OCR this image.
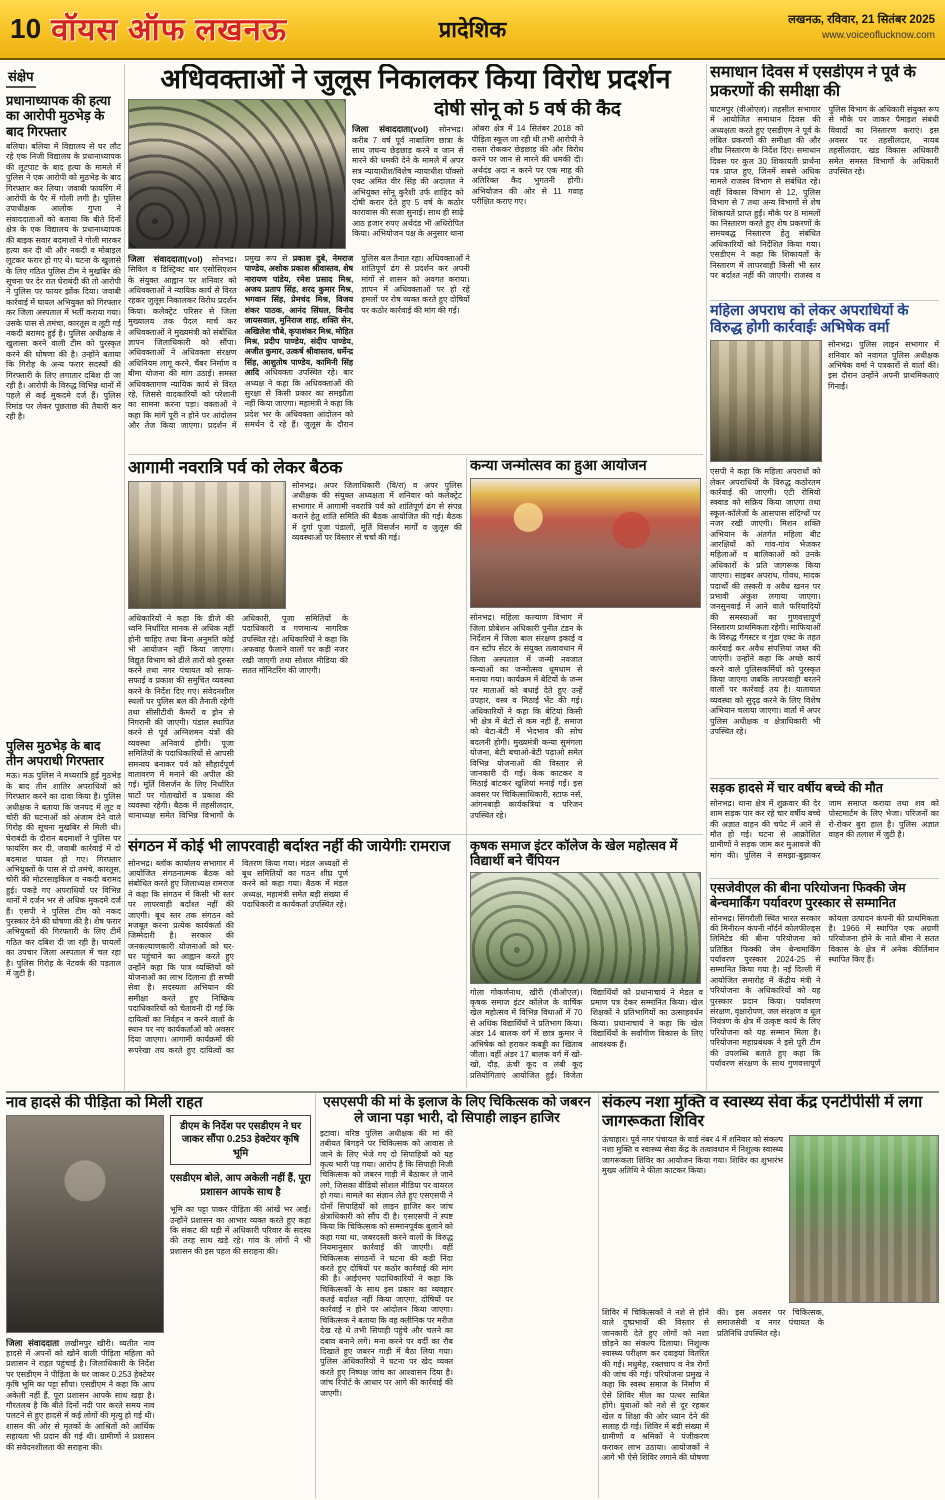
10 वॉयस ऑफ लखनऊ	प्रादेशिक	लखनऊ, रविवार, 21 सितंबर 2025
www.voiceoflucknow.com
संक्षेप
प्रधानाध्यापक की हत्या का आरोपी मुठभेड़ के बाद गिरफ्तार
बलिया। बलिया में विद्यालय से घर लौट रहे एक निजी विद्यालय के प्रधानाध्यापक की लूटपाट के बाद हत्या के मामले में पुलिस ने एक आरोपी को मुठभेड़ के बाद गिरफ्तार कर लिया। जवाबी फायरिंग में आरोपी के पैर में गोली लगी है। पुलिस उपाधीक्षक आलोक गुप्ता ने संवाददाताओं को बताया कि बीते दिनों क्षेत्र के एक विद्यालय के प्रधानाध्यापक की बाइक सवार बदमाशों ने गोली मारकर हत्या कर दी थी और नकदी व मोबाइल लूटकर फरार हो गए थे। घटना के खुलासे के लिए गठित पुलिस टीम ने मुखबिर की सूचना पर देर रात घेराबंदी की तो आरोपी ने पुलिस पर फायर झोंक दिया। जवाबी कार्रवाई में घायल अभियुक्त को गिरफ्तार कर जिला अस्पताल में भर्ती कराया गया। उसके पास से तमंचा, कारतूस व लूटी गई नकदी बरामद हुई है। पुलिस अधीक्षक ने खुलासा करने वाली टीम को पुरस्कृत करने की घोषणा की है। उन्होंने बताया कि गिरोह के अन्य फरार सदस्यों की गिरफ्तारी के लिए लगातार दबिश दी जा रही है। आरोपी के विरुद्ध विभिन्न थानों में पहले से कई मुकदमे दर्ज हैं। पुलिस रिमांड पर लेकर पूछताछ की तैयारी कर रही है।
पुलिस मुठभेड़ के बाद तीन अपराधी गिरफ्तार
मऊ। मऊ पुलिस ने मध्यरात्रि हुई मुठभेड़ के बाद तीन शातिर अपराधियों को गिरफ्तार करने का दावा किया है। पुलिस अधीक्षक ने बताया कि जनपद में लूट व चोरी की घटनाओं को अंजाम देने वाले गिरोह की सूचना मुखबिर से मिली थी। घेराबंदी के दौरान बदमाशों ने पुलिस पर फायरिंग कर दी, जवाबी कार्रवाई में दो बदमाश घायल हो गए। गिरफ्तार अभियुक्तों के पास से दो तमंचे, कारतूस, चोरी की मोटरसाइकिल व नकदी बरामद हुई। पकड़े गए अपराधियों पर विभिन्न थानों में दर्जन भर से अधिक मुकदमे दर्ज हैं। एसपी ने पुलिस टीम को नकद पुरस्कार देने की घोषणा की है। शेष फरार अभियुक्तों की गिरफ्तारी के लिए टीमें गठित कर दबिश दी जा रही है। घायलों का उपचार जिला अस्पताल में चल रहा है। पुलिस गिरोह के नेटवर्क की पड़ताल में जुटी है।
अधिवक्ताओं ने जुलूस निकालकर किया विरोध प्रदर्शन
दोषी सोनू को 5 वर्ष की कैद
जिला संवाददाता(vol) सोनभद्र। करीब 7 वर्ष पूर्व नाबालिग छात्रा के साथ जघन्य छेड़छाड़ करने व जान से मारने की धमकी देने के मामले में अपर सत्र न्यायाधीश/विशेष न्यायाधीश पॉक्सो एक्ट अमित वीर सिंह की अदालत ने अभियुक्त सोनू कुरैशी उर्फ शाहिद को दोषी करार देते हुए 5 वर्ष के कठोर कारावास की सजा सुनाई। साथ ही साढ़े आठ हजार रुपए अर्थदंड भी अधिरोपित किया। अभियोजन पक्ष के अनुसार थाना ओबरा क्षेत्र में 14 सितंबर 2018 को पीड़िता स्कूल जा रही थी तभी आरोपी ने रास्ता रोककर छेड़छाड़ की और विरोध करने पर जान से मारने की धमकी दी। अर्थदंड अदा न करने पर एक माह की अतिरिक्त कैद भुगतनी होगी। अभियोजन की ओर से 11 गवाह परीक्षित कराए गए।
जिला संवाददाता(vol) सोनभद्र। सिविल व डिस्ट्रिक्ट बार एसोसिएशन के संयुक्त आह्वान पर शनिवार को अधिवक्ताओं ने न्यायिक कार्य से विरत रहकर जुलूस निकालकर विरोध प्रदर्शन किया। कलेक्ट्रेट परिसर से जिला मुख्यालय तक पैदल मार्च कर अधिवक्ताओं ने मुख्यमंत्री को संबोधित ज्ञापन जिलाधिकारी को सौंपा। अधिवक्ताओं ने अधिवक्ता संरक्षण अधिनियम लागू करने, चैंबर निर्माण व बीमा योजना की मांग उठाई। समस्त अधिवक्तागण न्यायिक कार्य से विरत रहे, जिससे वादकारियों को परेशानी का सामना करना पड़ा। वक्ताओं ने कहा कि मांगें पूरी न होने पर आंदोलन और तेज किया जाएगा। प्रदर्शन में प्रमुख रूप से प्रकाश दुबे, नेमराज पाण्डेय, अशोक प्रकाश श्रीवास्तव, शेष नारायण पांडेय, रमेश प्रसाद मिश्र, अजय प्रताप सिंह, शरद कुमार मिश्र, भगवान सिंह, प्रेमचंद मिश्र, विजय शंकर पाठक, आनंद सिंघल, विनोद जायसवाल, मुनिराज शाह, शक्ति सेन, अखिलेश चौबे, कृपाशंकर मिश्र, मोहित मिश्र, प्रदीप पाण्डेय, संदीप पाण्डेय, अजीत कुमार, उत्कर्ष श्रीवास्तव, धर्मेन्द्र सिंह, आशुतोष पाण्डेय, कामिनी सिंह आदि अधिवक्ता उपस्थित रहे। बार अध्यक्ष ने कहा कि अधिवक्ताओं की सुरक्षा से किसी प्रकार का समझौता नहीं किया जाएगा। महामंत्री ने कहा कि प्रदेश भर के अधिवक्ता आंदोलन को समर्थन दे रहे हैं। जुलूस के दौरान पुलिस बल तैनात रहा। अधिवक्ताओं ने शांतिपूर्ण ढंग से प्रदर्शन कर अपनी मांगों से शासन को अवगत कराया। ज्ञापन में अधिवक्ताओं पर हो रहे हमलों पर रोष व्यक्त करते हुए दोषियों पर कठोर कार्रवाई की मांग की गई।
आगामी नवरात्रि पर्व को लेकर बैठक
सोनभद्र। अपर जिलाधिकारी (वि/रा) व अपर पुलिस अधीक्षक की संयुक्त अध्यक्षता में शनिवार को कलेक्ट्रेट सभागार में आगामी नवरात्रि पर्व को शांतिपूर्ण ढंग से संपन्न कराने हेतु शांति समिति की बैठक आयोजित की गई। बैठक में दुर्गा पूजा पंडालों, मूर्ति विसर्जन मार्गों व जुलूस की व्यवस्थाओं पर विस्तार से चर्चा की गई।
अधिकारियों ने कहा कि डीजे की ध्वनि निर्धारित मानक से अधिक नहीं होनी चाहिए तथा बिना अनुमति कोई भी आयोजन नहीं किया जाएगा। विद्युत विभाग को ढीले तारों को दुरुस्त करने तथा नगर पंचायत को साफ-सफाई व प्रकाश की समुचित व्यवस्था करने के निर्देश दिए गए। संवेदनशील स्थलों पर पुलिस बल की तैनाती रहेगी तथा सीसीटीवी कैमरों व ड्रोन से निगरानी की जाएगी। पंडाल स्थापित करने से पूर्व अग्निशमन यंत्रों की व्यवस्था अनिवार्य होगी। पूजा समितियों के पदाधिकारियों से आपसी समन्वय बनाकर पर्व को सौहार्दपूर्ण वातावरण में मनाने की अपील की गई। मूर्ति विसर्जन के लिए निर्धारित घाटों पर गोताखोरों व प्रकाश की व्यवस्था रहेगी। बैठक में तहसीलदार, थानाध्यक्ष समेत विभिन्न विभागों के अधिकारी, पूजा समितियों के पदाधिकारी व गणमान्य नागरिक उपस्थित रहे। अधिकारियों ने कहा कि अफवाह फैलाने वालों पर कड़ी नजर रखी जाएगी तथा सोशल मीडिया की सतत मॉनिटरिंग की जाएगी।
कन्या जन्मोत्सव का हुआ आयोजन
सोनभद्र। महिला कल्याण विभाग में जिला प्रोबेशन अधिकारी पुनीत टंडन के निर्देशन में जिला बाल संरक्षण इकाई व वन स्टॉप सेंटर के संयुक्त तत्वावधान में जिला अस्पताल में जन्मी नवजात कन्याओं का जन्मोत्सव धूमधाम से मनाया गया। कार्यक्रम में बेटियों के जन्म पर माताओं को बधाई देते हुए उन्हें उपहार, वस्त्र व मिठाई भेंट की गई। अधिकारियों ने कहा कि बेटियां किसी भी क्षेत्र में बेटों से कम नहीं हैं, समाज को बेटा-बेटी में भेदभाव की सोच बदलनी होगी। मुख्यमंत्री कन्या सुमंगला योजना, बेटी बचाओ-बेटी पढ़ाओ समेत विभिन्न योजनाओं की विस्तार से जानकारी दी गई। केक काटकर व मिठाई बांटकर खुशियां मनाई गईं। इस अवसर पर चिकित्साधिकारी, स्टाफ नर्स, आंगनबाड़ी कार्यकत्रियां व परिजन उपस्थित रहे।
संगठन में कोई भी लापरवाही बर्दाश्त नहीं की जायेगीः रामराज
सोनभद्र। ब्लॉक कार्यालय सभागार में आयोजित संगठनात्मक बैठक को संबोधित करते हुए जिलाध्यक्ष रामराज ने कहा कि संगठन में किसी भी स्तर पर लापरवाही बर्दाश्त नहीं की जाएगी। बूथ स्तर तक संगठन को मजबूत करना प्रत्येक कार्यकर्ता की जिम्मेदारी है। सरकार की जनकल्याणकारी योजनाओं को घर-घर पहुंचाने का आह्वान करते हुए उन्होंने कहा कि पात्र व्यक्तियों को योजनाओं का लाभ दिलाना ही सच्ची सेवा है। सदस्यता अभियान की समीक्षा करते हुए निष्क्रिय पदाधिकारियों को चेतावनी दी गई कि दायित्वों का निर्वहन न करने वालों के स्थान पर नए कार्यकर्ताओं को अवसर दिया जाएगा। आगामी कार्यक्रमों की रूपरेखा तय करते हुए दायित्वों का वितरण किया गया। मंडल अध्यक्षों से बूथ समितियों का गठन शीघ्र पूर्ण करने को कहा गया। बैठक में मंडल अध्यक्ष, महामंत्री समेत बड़ी संख्या में पदाधिकारी व कार्यकर्ता उपस्थित रहे।
कृषक समाज इंटर कॉलेज के खेल महोत्सव में विद्यार्थी बने चैंपियन
गोला गोकर्णनाथ, खीरी (वीओएल)। कृषक समाज इंटर कॉलेज के वार्षिक खेल महोत्सव में विभिन्न विधाओं में 70 से अधिक विद्यार्थियों ने प्रतिभाग किया। अंडर 14 बालक वर्ग में छात्र कुमार ने अभिषेक को हराकर कबड्डी का खिताब जीता। वहीं अंडर 17 बालक वर्ग में खो-खो, दौड़, ऊंची कूद व लंबी कूद प्रतियोगिताएं आयोजित हुईं। विजेता विद्यार्थियों को प्रधानाचार्य ने मेडल व प्रमाण पत्र देकर सम्मानित किया। खेल शिक्षकों ने प्रतिभागियों का उत्साहवर्धन किया। प्रधानाचार्य ने कहा कि खेल विद्यार्थियों के सर्वांगीण विकास के लिए आवश्यक हैं।
समाधान दिवस में एसडीएम ने पूर्व के प्रकरणों की समीक्षा की
घाटमपुर (वीओएल)। तहसील सभागार में आयोजित समाधान दिवस की अध्यक्षता करते हुए एसडीएम ने पूर्व के लंबित प्रकरणों की समीक्षा की और शीघ्र निस्तारण के निर्देश दिए। समाधान दिवस पर कुल 30 शिकायती प्रार्थना पत्र प्राप्त हुए, जिनमें सबसे अधिक मामले राजस्व विभाग से संबंधित रहे। वहीं विकास विभाग से 12, पुलिस विभाग से 7 तथा अन्य विभागों से शेष शिकायतें प्राप्त हुईं। मौके पर 8 मामलों का निस्तारण करते हुए शेष प्रकरणों के समयबद्ध निस्तारण हेतु संबंधित अधिकारियों को निर्देशित किया गया। एसडीएम ने कहा कि शिकायतों के निस्तारण में लापरवाही किसी भी स्तर पर बर्दाश्त नहीं की जाएगी। राजस्व व पुलिस विभाग के अधिकारी संयुक्त रूप से मौके पर जाकर पैमाइश संबंधी विवादों का निस्तारण कराएं। इस अवसर पर तहसीलदार, नायब तहसीलदार, खंड विकास अधिकारी समेत समस्त विभागों के अधिकारी उपस्थित रहे।
महिला अपराध को लेकर अपराधियों के विरुद्ध होगी कार्रवाईः अभिषेक वर्मा
सोनभद्र। पुलिस लाइन सभागार में शनिवार को नवागत पुलिस अधीक्षक अभिषेक वर्मा ने पत्रकारों से वार्ता की। इस दौरान उन्होंने अपनी प्राथमिकताएं गिनाईं।
एसपी ने कहा कि महिला अपराधों को लेकर अपराधियों के विरुद्ध कठोरतम कार्रवाई की जाएगी। एंटी रोमियो स्क्वाड को सक्रिय किया जाएगा तथा स्कूल-कॉलेजों के आसपास संदिग्धों पर नजर रखी जाएगी। मिशन शक्ति अभियान के अंतर्गत महिला बीट आरक्षियों को गांव-गांव भेजकर महिलाओं व बालिकाओं को उनके अधिकारों के प्रति जागरूक किया जाएगा। साइबर अपराध, गोवध, मादक पदार्थों की तस्करी व अवैध खनन पर प्रभावी अंकुश लगाया जाएगा। जनसुनवाई में आने वाले फरियादियों की समस्याओं का गुणवत्तापूर्ण निस्तारण प्राथमिकता रहेगी। माफियाओं के विरुद्ध गैंगस्टर व गुंडा एक्ट के तहत कार्रवाई कर अवैध संपत्तियां जब्त की जाएंगी। उन्होंने कहा कि अच्छे कार्य करने वाले पुलिसकर्मियों को पुरस्कृत किया जाएगा जबकि लापरवाही बरतने वालों पर कार्रवाई तय है। यातायात व्यवस्था को सुदृढ़ करने के लिए विशेष अभियान चलाया जाएगा। वार्ता में अपर पुलिस अधीक्षक व क्षेत्राधिकारी भी उपस्थित रहे।
सड़क हादसे में चार वर्षीय बच्चे की मौत
सोनभद्र। थाना क्षेत्र में शुक्रवार की देर शाम सड़क पार कर रहे चार वर्षीय बच्चे की अज्ञात वाहन की चपेट में आने से मौत हो गई। घटना से आक्रोशित ग्रामीणों ने सड़क जाम कर मुआवजे की मांग की। पुलिस ने समझा-बुझाकर जाम समाप्त कराया तथा शव को पोस्टमार्टम के लिए भेजा। परिजनों का रो-रोकर बुरा हाल है। पुलिस अज्ञात वाहन की तलाश में जुटी है।
एसजेवीएल की बीना परियोजना फिक्की जेम बेन्चमार्किंग पर्यावरण पुरस्कार से सम्मानित
सोनभद्र। सिंगरौली स्थित भारत सरकार की मिनीरत्न कंपनी नॉर्दर्न कोलफील्ड्स लिमिटेड की बीना परियोजना को प्रतिष्ठित फिक्की जेम बेन्चमार्किंग पर्यावरण पुरस्कार 2024-25 से सम्मानित किया गया है। नई दिल्ली में आयोजित समारोह में केंद्रीय मंत्री ने परियोजना के अधिकारियों को यह पुरस्कार प्रदान किया। पर्यावरण संरक्षण, वृक्षारोपण, जल संरक्षण व धूल नियंत्रण के क्षेत्र में उत्कृष्ट कार्य के लिए परियोजना को यह सम्मान मिला है। परियोजना महाप्रबंधक ने इसे पूरी टीम की उपलब्धि बताते हुए कहा कि पर्यावरण संरक्षण के साथ गुणवत्तापूर्ण कोयला उत्पादन कंपनी की प्राथमिकता है। 1966 में स्थापित एक अग्रणी परियोजना होने के नाते बीना ने सतत विकास के क्षेत्र में अनेक कीर्तिमान स्थापित किए हैं।
नाव हादसे की पीड़िता को मिली राहत
डीएम के निर्देश पर एसडीएम ने घर जाकर सौंपा 0.253 हेक्टेयर कृषि भूमि
एसडीएम बोले, आप अकेली नहीं हैं, पूरा प्रशासन आपके साथ है
भूमि का पट्टा पाकर पीड़िता की आंखें भर आईं। उन्होंने प्रशासन का आभार व्यक्त करते हुए कहा कि संकट की घड़ी में अधिकारी परिवार के सदस्य की तरह साथ खड़े रहे। गांव के लोगों ने भी प्रशासन की इस पहल की सराहना की।
जिला संवाददाता लखीमपुर खीरी। व्यतीत नाव हादसे में अपनों को खोने वाली पीड़िता महिला को प्रशासन ने राहत पहुंचाई है। जिलाधिकारी के निर्देश पर एसडीएम ने पीड़िता के घर जाकर 0.253 हेक्टेयर कृषि भूमि का पट्टा सौंपा। एसडीएम ने कहा कि आप अकेली नहीं हैं, पूरा प्रशासन आपके साथ खड़ा है। गौरतलब है कि बीते दिनों नदी पार करते समय नाव पलटने से हुए हादसे में कई लोगों की मृत्यु हो गई थी। शासन की ओर से मृतकों के आश्रितों को आर्थिक सहायता भी प्रदान की गई थी। ग्रामीणों ने प्रशासन की संवेदनशीलता की सराहना की।
एसएसपी की मां के इलाज के लिए चिकित्सक को जबरन ले जाना पड़ा भारी, दो सिपाही लाइन हाजिर
इटावा। वरिष्ठ पुलिस अधीक्षक की मां की तबीयत बिगड़ने पर चिकित्सक को आवास ले जाने के लिए भेजे गए दो सिपाहियों को यह कृत्य भारी पड़ गया। आरोप है कि सिपाही निजी चिकित्सक को जबरन गाड़ी में बैठाकर ले जाने लगे, जिसका वीडियो सोशल मीडिया पर वायरल हो गया। मामले का संज्ञान लेते हुए एसएसपी ने दोनों सिपाहियों को लाइन हाजिर कर जांच क्षेत्राधिकारी को सौंप दी है। एसएसपी ने स्पष्ट किया कि चिकित्सक को सम्मानपूर्वक बुलाने को कहा गया था, जबरदस्ती करने वालों के विरुद्ध नियमानुसार कार्रवाई की जाएगी। वहीं चिकित्सक संगठनों ने घटना की कड़ी निंदा करते हुए दोषियों पर कठोर कार्रवाई की मांग की है। आईएमए पदाधिकारियों ने कहा कि चिकित्सकों के साथ इस प्रकार का व्यवहार कतई बर्दाश्त नहीं किया जाएगा, दोषियों पर कार्रवाई न होने पर आंदोलन किया जाएगा। चिकित्सक ने बताया कि वह क्लीनिक पर मरीज देख रहे थे तभी सिपाही पहुंचे और चलने का दबाव बनाने लगे। मना करने पर वर्दी का रौब दिखाते हुए जबरन गाड़ी में बैठा लिया गया। पुलिस अधिकारियों ने घटना पर खेद व्यक्त करते हुए निष्पक्ष जांच का आश्वासन दिया है। जांच रिपोर्ट के आधार पर आगे की कार्रवाई की जाएगी।
संकल्प नशा मुक्ति व स्वास्थ्य सेवा केंद्र एनटीपीसी में लगा जागरूकता शिविर
ऊंचाहार। पूर्व नगर पंचायत के वार्ड नंबर 4 में शनिवार को संकल्प नशा मुक्ति व स्वास्थ्य सेवा केंद्र के तत्वावधान में निशुल्क स्वास्थ्य जागरूकता शिविर का आयोजन किया गया। शिविर का शुभारंभ मुख्य अतिथि ने फीता काटकर किया।
शिविर में चिकित्सकों ने नशे से होने वाले दुष्प्रभावों की विस्तार से जानकारी देते हुए लोगों को नशा छोड़ने का संकल्प दिलाया। निशुल्क स्वास्थ्य परीक्षण कर दवाइयां वितरित की गईं। मधुमेह, रक्तचाप व नेत्र रोगों की जांच की गई। परियोजना प्रमुख ने कहा कि स्वस्थ समाज के निर्माण में ऐसे शिविर मील का पत्थर साबित होंगे। युवाओं को नशे से दूर रहकर खेल व शिक्षा की ओर ध्यान देने की सलाह दी गई। शिविर में बड़ी संख्या में ग्रामीणों व श्रमिकों ने पंजीकरण कराकर लाभ उठाया। आयोजकों ने आगे भी ऐसे शिविर लगाने की घोषणा की। इस अवसर पर चिकित्सक, समाजसेवी व नगर पंचायत के प्रतिनिधि उपस्थित रहे।
